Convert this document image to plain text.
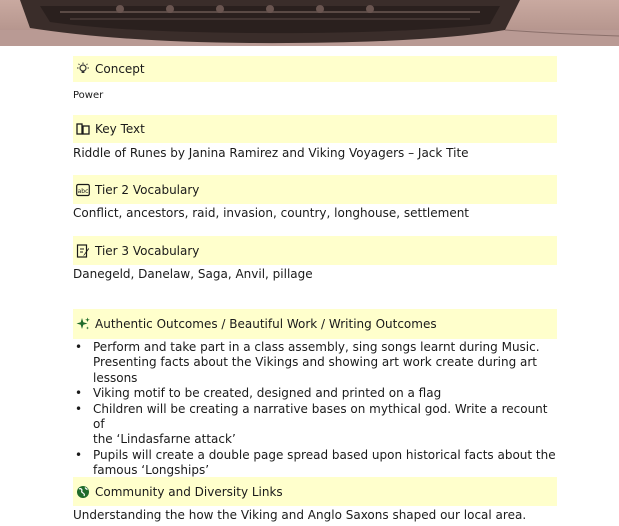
Concept
Power
Key Text
Riddle of Runes by Janina Ramirez and Viking Voyagers – Jack Tite
abc Tier 2 Vocabulary
Conflict, ancestors, raid, invasion, country, longhouse, settlement
Tier 3 Vocabulary
Danegeld, Danelaw, Saga, Anvil, pillage
Authentic Outcomes / Beautiful Work / Writing Outcomes
• Perform and take part in a class assembly, sing songs learnt during Music.
Presenting facts about the Vikings and showing art work create during art
lessons
• Viking motif to be created, designed and printed on a flag
• Children will be creating a narrative bases on mythical god. Write a recount of
the ‘Lindasfarne attack’
• Pupils will create a double page spread based upon historical facts about the
famous ‘Longships’
Community and Diversity Links
Understanding the how the Viking and Anglo Saxons shaped our local area.
